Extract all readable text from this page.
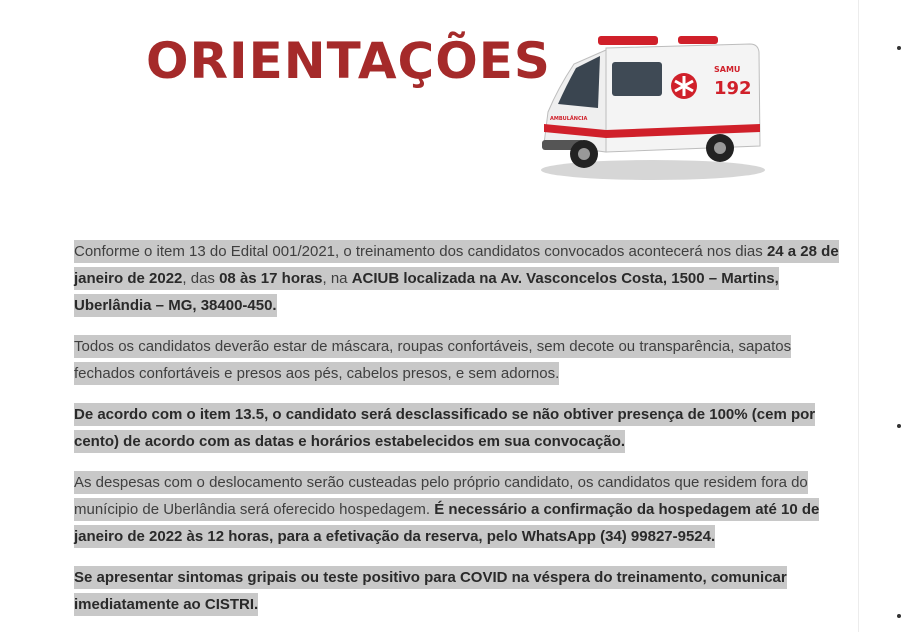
ORIENTAÇÕES	SAMU
192
AMBULÂNCIA

Conforme o item 13 do Edital 001/2021, o treinamento dos candidatos convocados acontecerá nos dias 24 a 28 de janeiro de 2022, das 08 às 17 horas, na ACIUB localizada na Av. Vasconcelos Costa, 1500 – Martins, Uberlândia – MG, 38400-450.

Todos os candidatos deverão estar de máscara, roupas confortáveis, sem decote ou transparência, sapatos fechados confortáveis e presos aos pés, cabelos presos, e sem adornos.

De acordo com o item 13.5, o candidato será desclassificado se não obtiver presença de 100% (cem por cento) de acordo com as datas e horários estabelecidos em sua convocação.

As despesas com o deslocamento serão custeadas pelo próprio candidato, os candidatos que residem fora do munícipio de Uberlândia será oferecido hospedagem. É necessário a confirmação da hospedagem até 10 de janeiro de 2022 às 12 horas, para a efetivação da reserva, pelo WhatsApp (34) 99827-9524.

Se apresentar sintomas gripais ou teste positivo para COVID na véspera do treinamento, comunicar imediatamente ao CISTRI.
